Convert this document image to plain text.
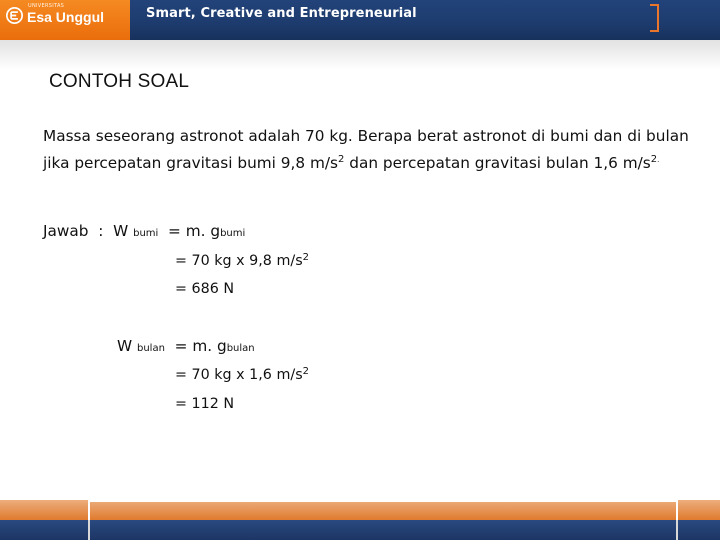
UNIVERSITAS
Esa Unggul	Smart, Creative and Entrepreneurial
CONTOH SOAL
Massa seseorang astronot adalah 70 kg. Berapa berat astronot di bumi dan di bulan jika percepatan gravitasi bumi 9,8 $m/s^2$ dan percepatan gravitasi bulan 1,6 $m/s^{2.}$
Jawab  :  W bumi  = m. gbumi
= 70 kg x 9,8 $m/s^2$
= 686 N
W bulan  = m. gbulan
= 70 kg x 1,6 $m/s^2$
= 112 N
